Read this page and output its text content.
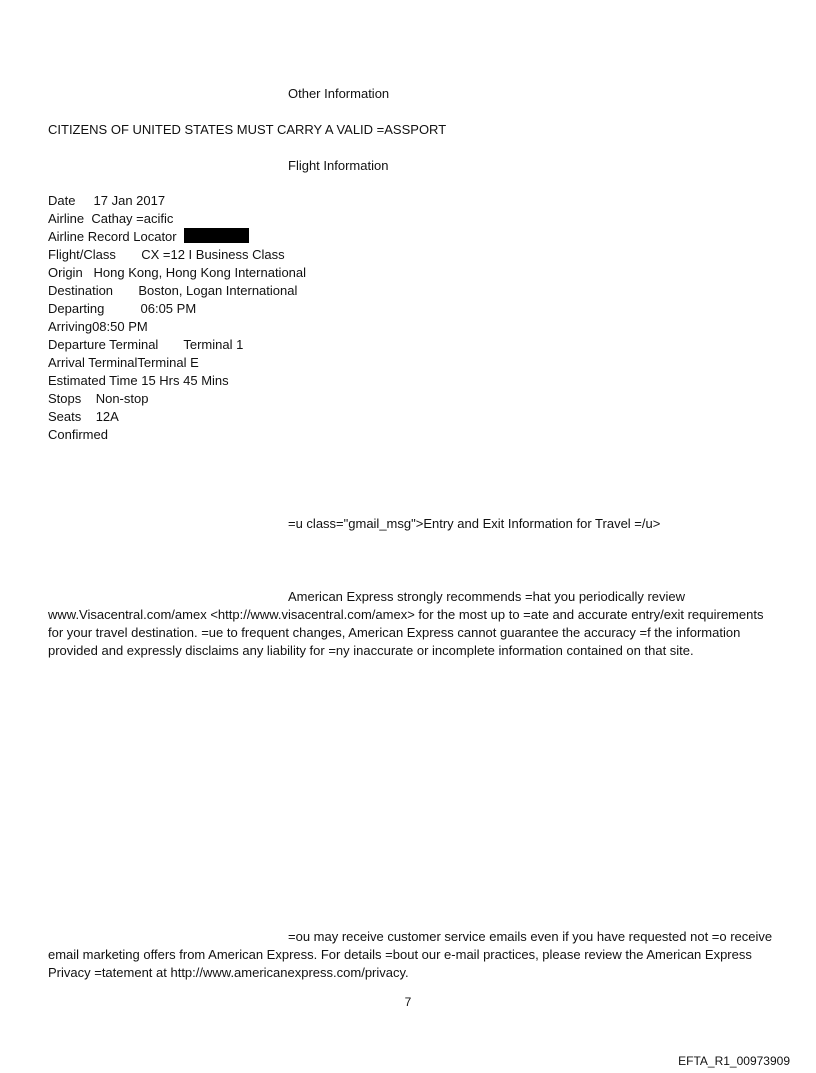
Other Information
CITIZENS OF UNITED STATES MUST CARRY A VALID =ASSPORT
Flight Information
Date 17 Jan 2017
Airline Cathay =acific
Airline Record Locator
Flight/Class CX =12 I Business Class
Origin Hong Kong, Hong Kong International
Destination Boston, Logan International
Departing	06:05 PM
Arriving08:50 PM
Departure Terminal Terminal 1
Arrival TerminalTerminal E
Estimated Time 15 Hrs 45 Mins
Stops Non-stop
Seats 12A
Confirmed
=u class="gmail_msg">Entry and Exit Information for Travel =/u>
American Express strongly recommends =hat you periodically review www.Visacentral.com/amex <http://www.visacentral.com/amex> for the most up to =ate and accurate entry/exit requirements for your travel destination. =ue to frequent changes, American Express cannot guarantee the accuracy =f the information provided and expressly disclaims any liability for =ny inaccurate or incomplete information contained on that site.
=ou may receive customer service emails even if you have requested not =o receive email marketing offers from American Express. For details =bout our e-mail practices, please review the American Express Privacy =tatement at http://www.americanexpress.com/privacy.
7
EFTA_R1_00973909
